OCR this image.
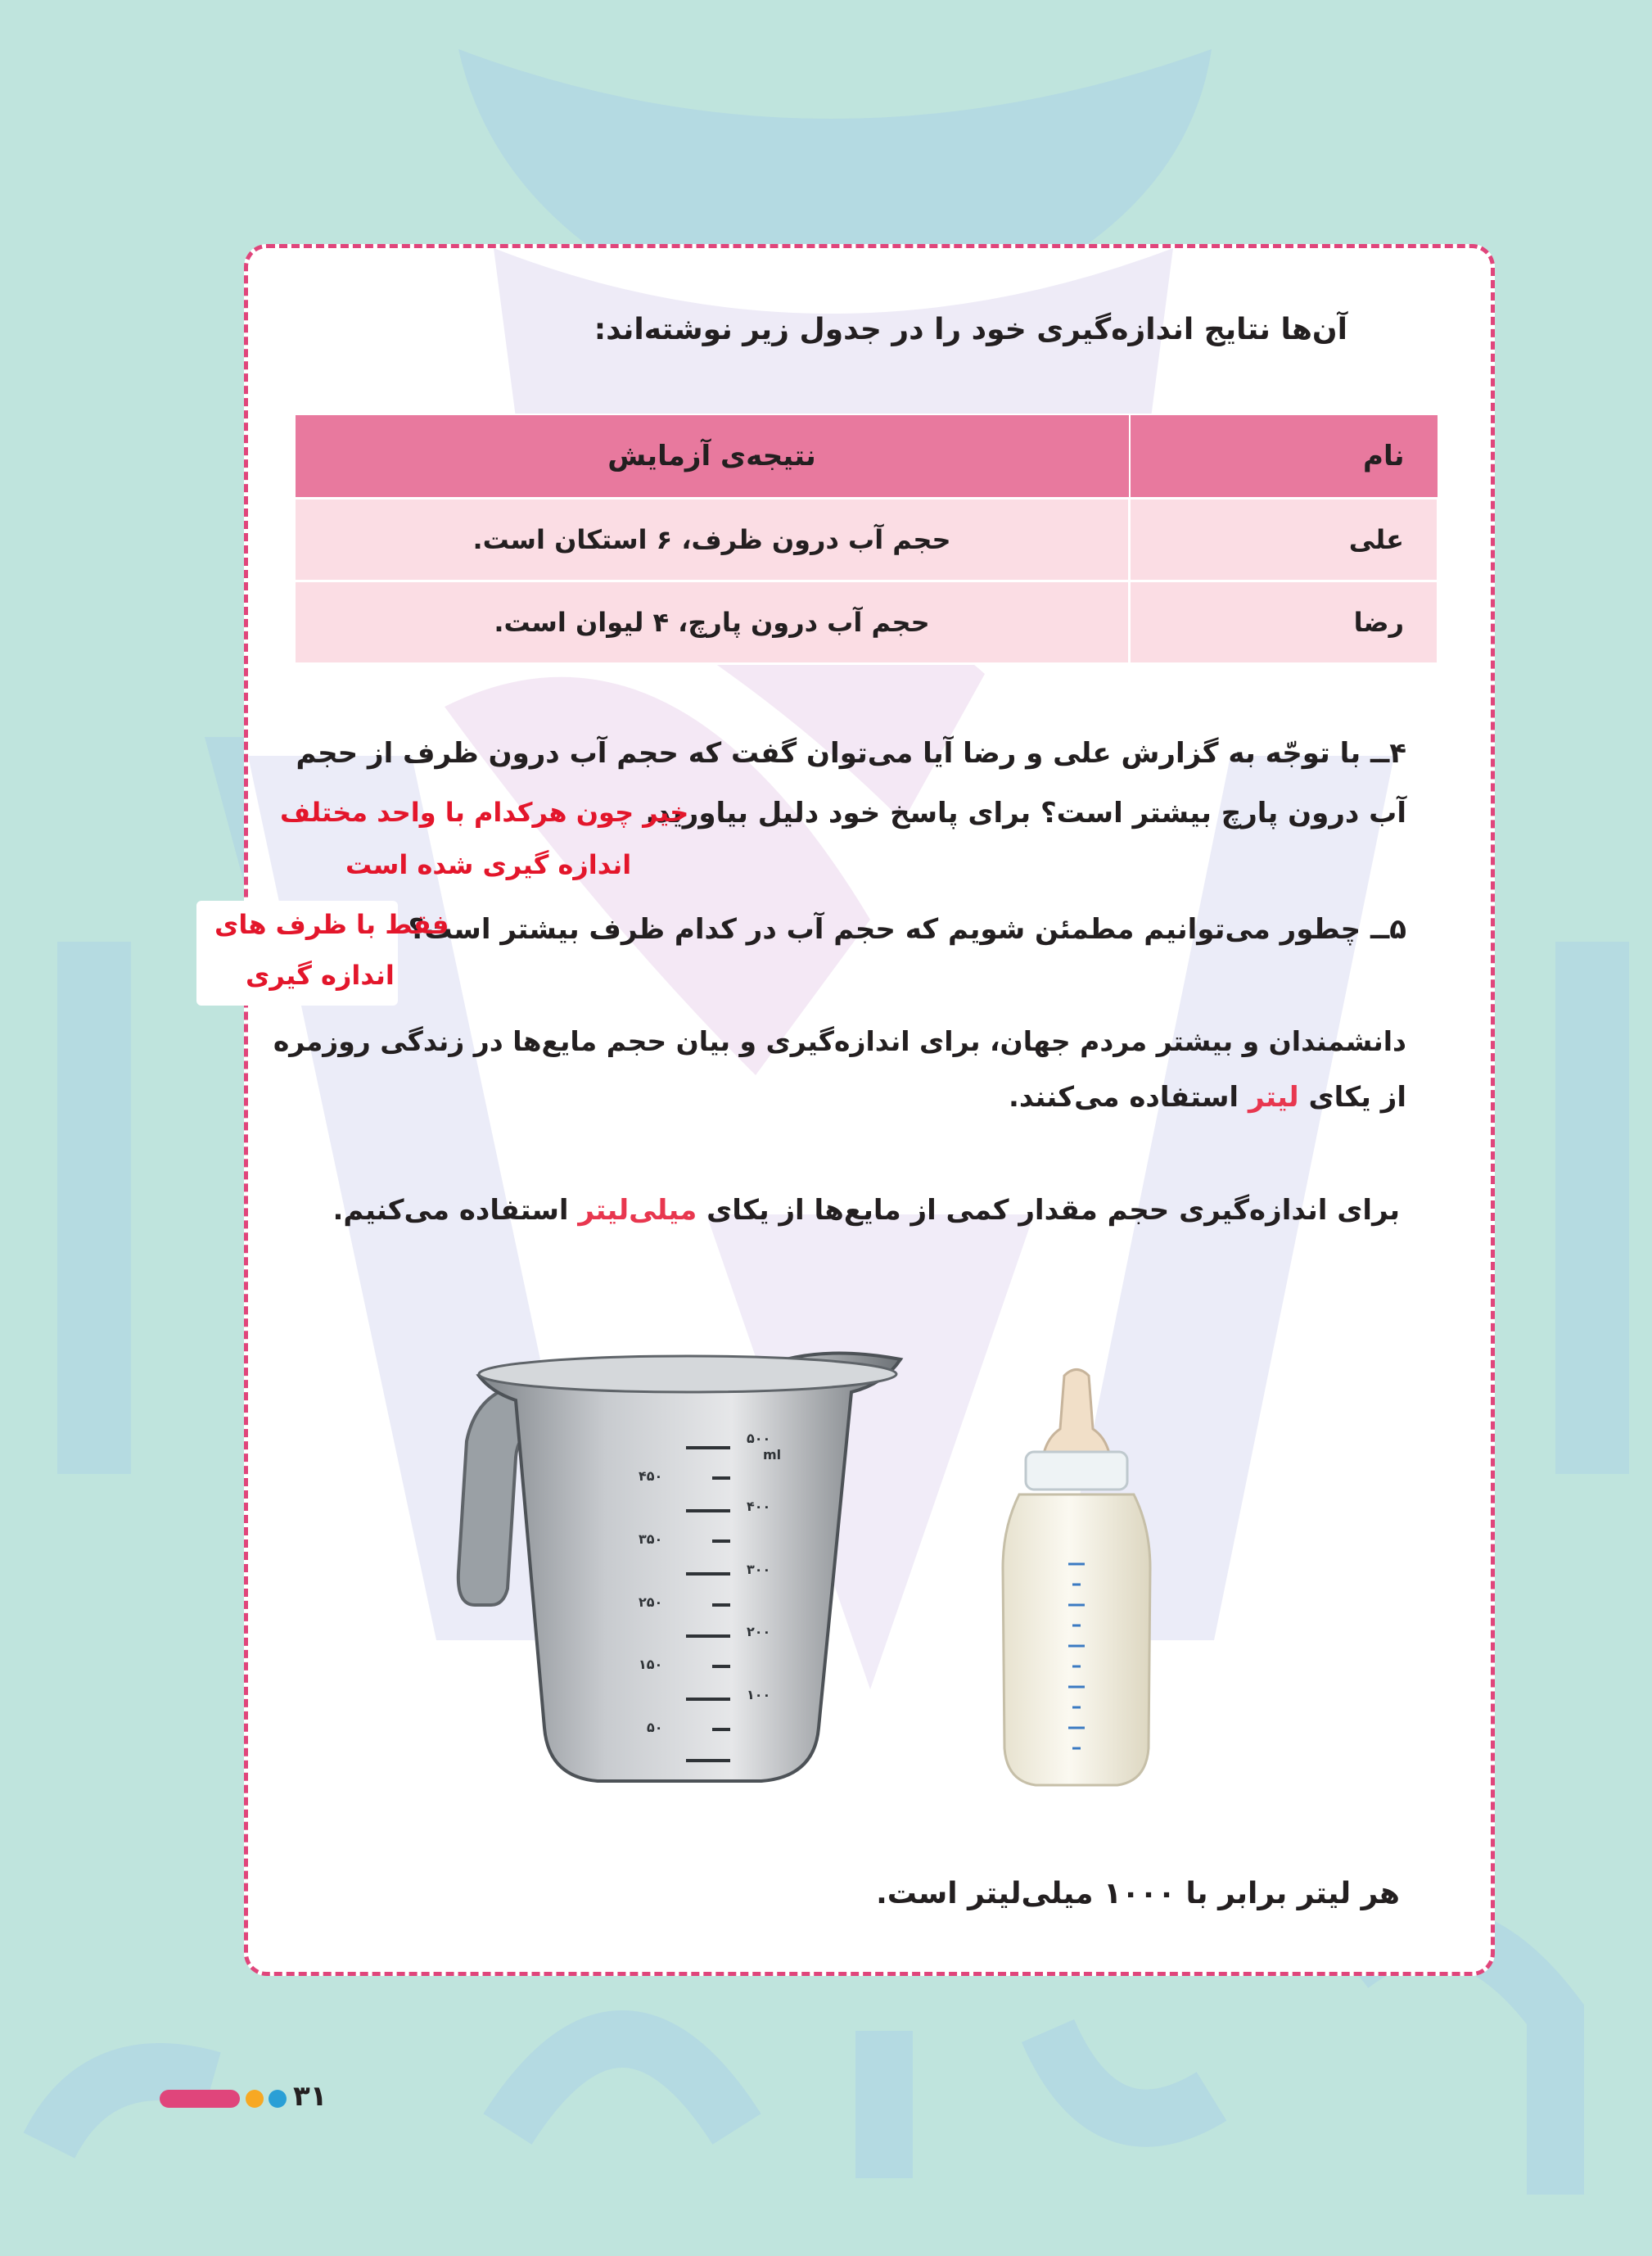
آن‌ها نتایج اندازه‌گیری خود را در جدول زیر نوشته‌اند:
نام	نتیجه‌ی آزمایش
علی	حجم آب درون ظرف، ۶ استکان است.
رضا	حجم آب درون پارچ، ۴ لیوان است.
۴ــ با توجّه به گزارش علی و رضا آیا می‌توان گفت که حجم آب درون ظرف از حجم
آب درون پارچ بیشتر است؟ برای پاسخ خود دلیل بیاورید.
خیر چون هرکدام با واحد مختلف
اندازه گیری شده است
۵ــ چطور می‌توانیم مطمئن شویم که حجم آب در کدام ظرف بیشتر است؟
فقط با ظرف های
اندازه گیری
دانشمندان و بیشتر مردم جهان، برای اندازه‌گیری و بیان حجم مایع‌ها در زندگی روزمره
از یکای لیتر استفاده می‌کنند.
برای اندازه‌گیری حجم مقدار کمی از مایع‌ها از یکای میلی‌لیتر استفاده می‌کنیم.
۵۰۰
ml
۴۰۰
۳۰۰
۲۰۰
۱۰۰
۴۵۰
۳۵۰
۲۵۰
۱۵۰
۵۰
هر لیتر برابر با ۱۰۰۰ میلی‌لیتر است.
۳۱
